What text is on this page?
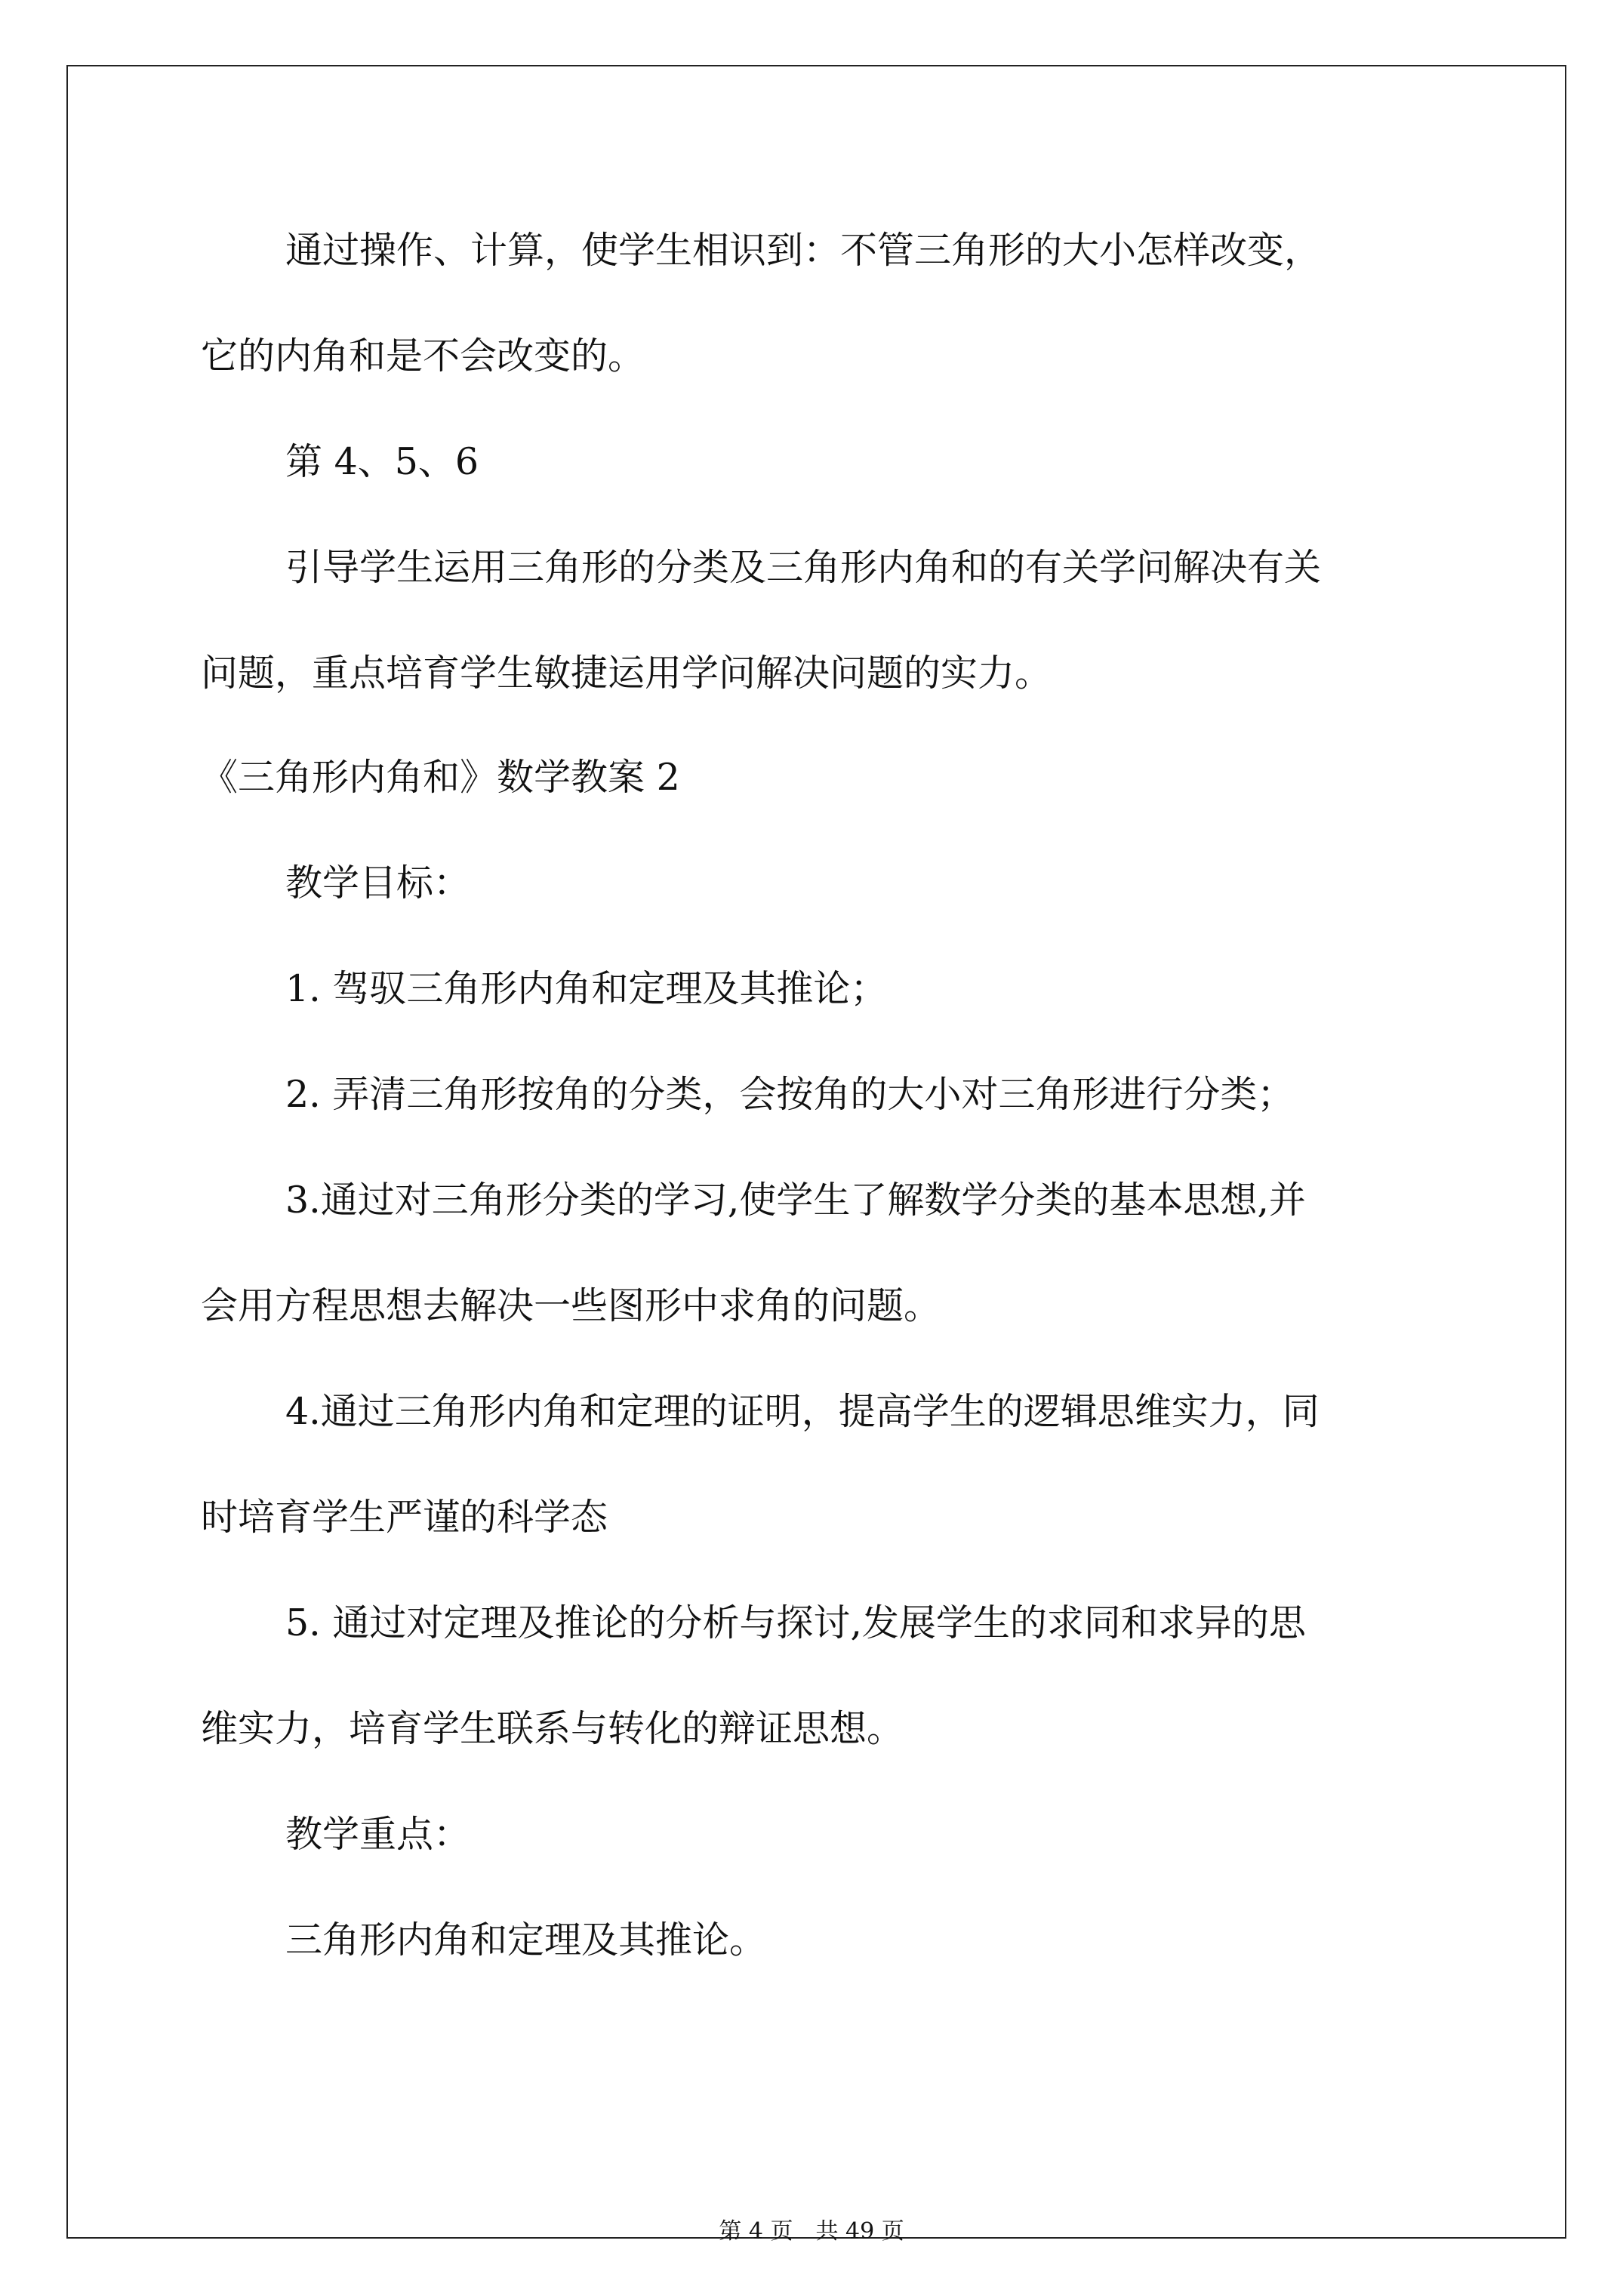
通过操作、计算，使学生相识到：不管三角形的大小怎样改变，
它的内角和是不会改变的。
第 4、5、6
引导学生运用三角形的分类及三角形内角和的有关学问解决有关
问题，重点培育学生敏捷运用学问解决问题的实力。
《三角形内角和》数学教案 2
教学目标：
1. 驾驭三角形内角和定理及其推论；
2. 弄清三角形按角的分类，会按角的大小对三角形进行分类；
3.通过对三角形分类的学习,使学生了解数学分类的基本思想,并
会用方程思想去解决一些图形中求角的问题。
4.通过三角形内角和定理的证明，提高学生的逻辑思维实力，同
时培育学生严谨的科学态
5. 通过对定理及推论的分析与探讨,发展学生的求同和求异的思
维实力，培育学生联系与转化的辩证思想。
教学重点：
三角形内角和定理及其推论。
第 4 页　共 49 页
